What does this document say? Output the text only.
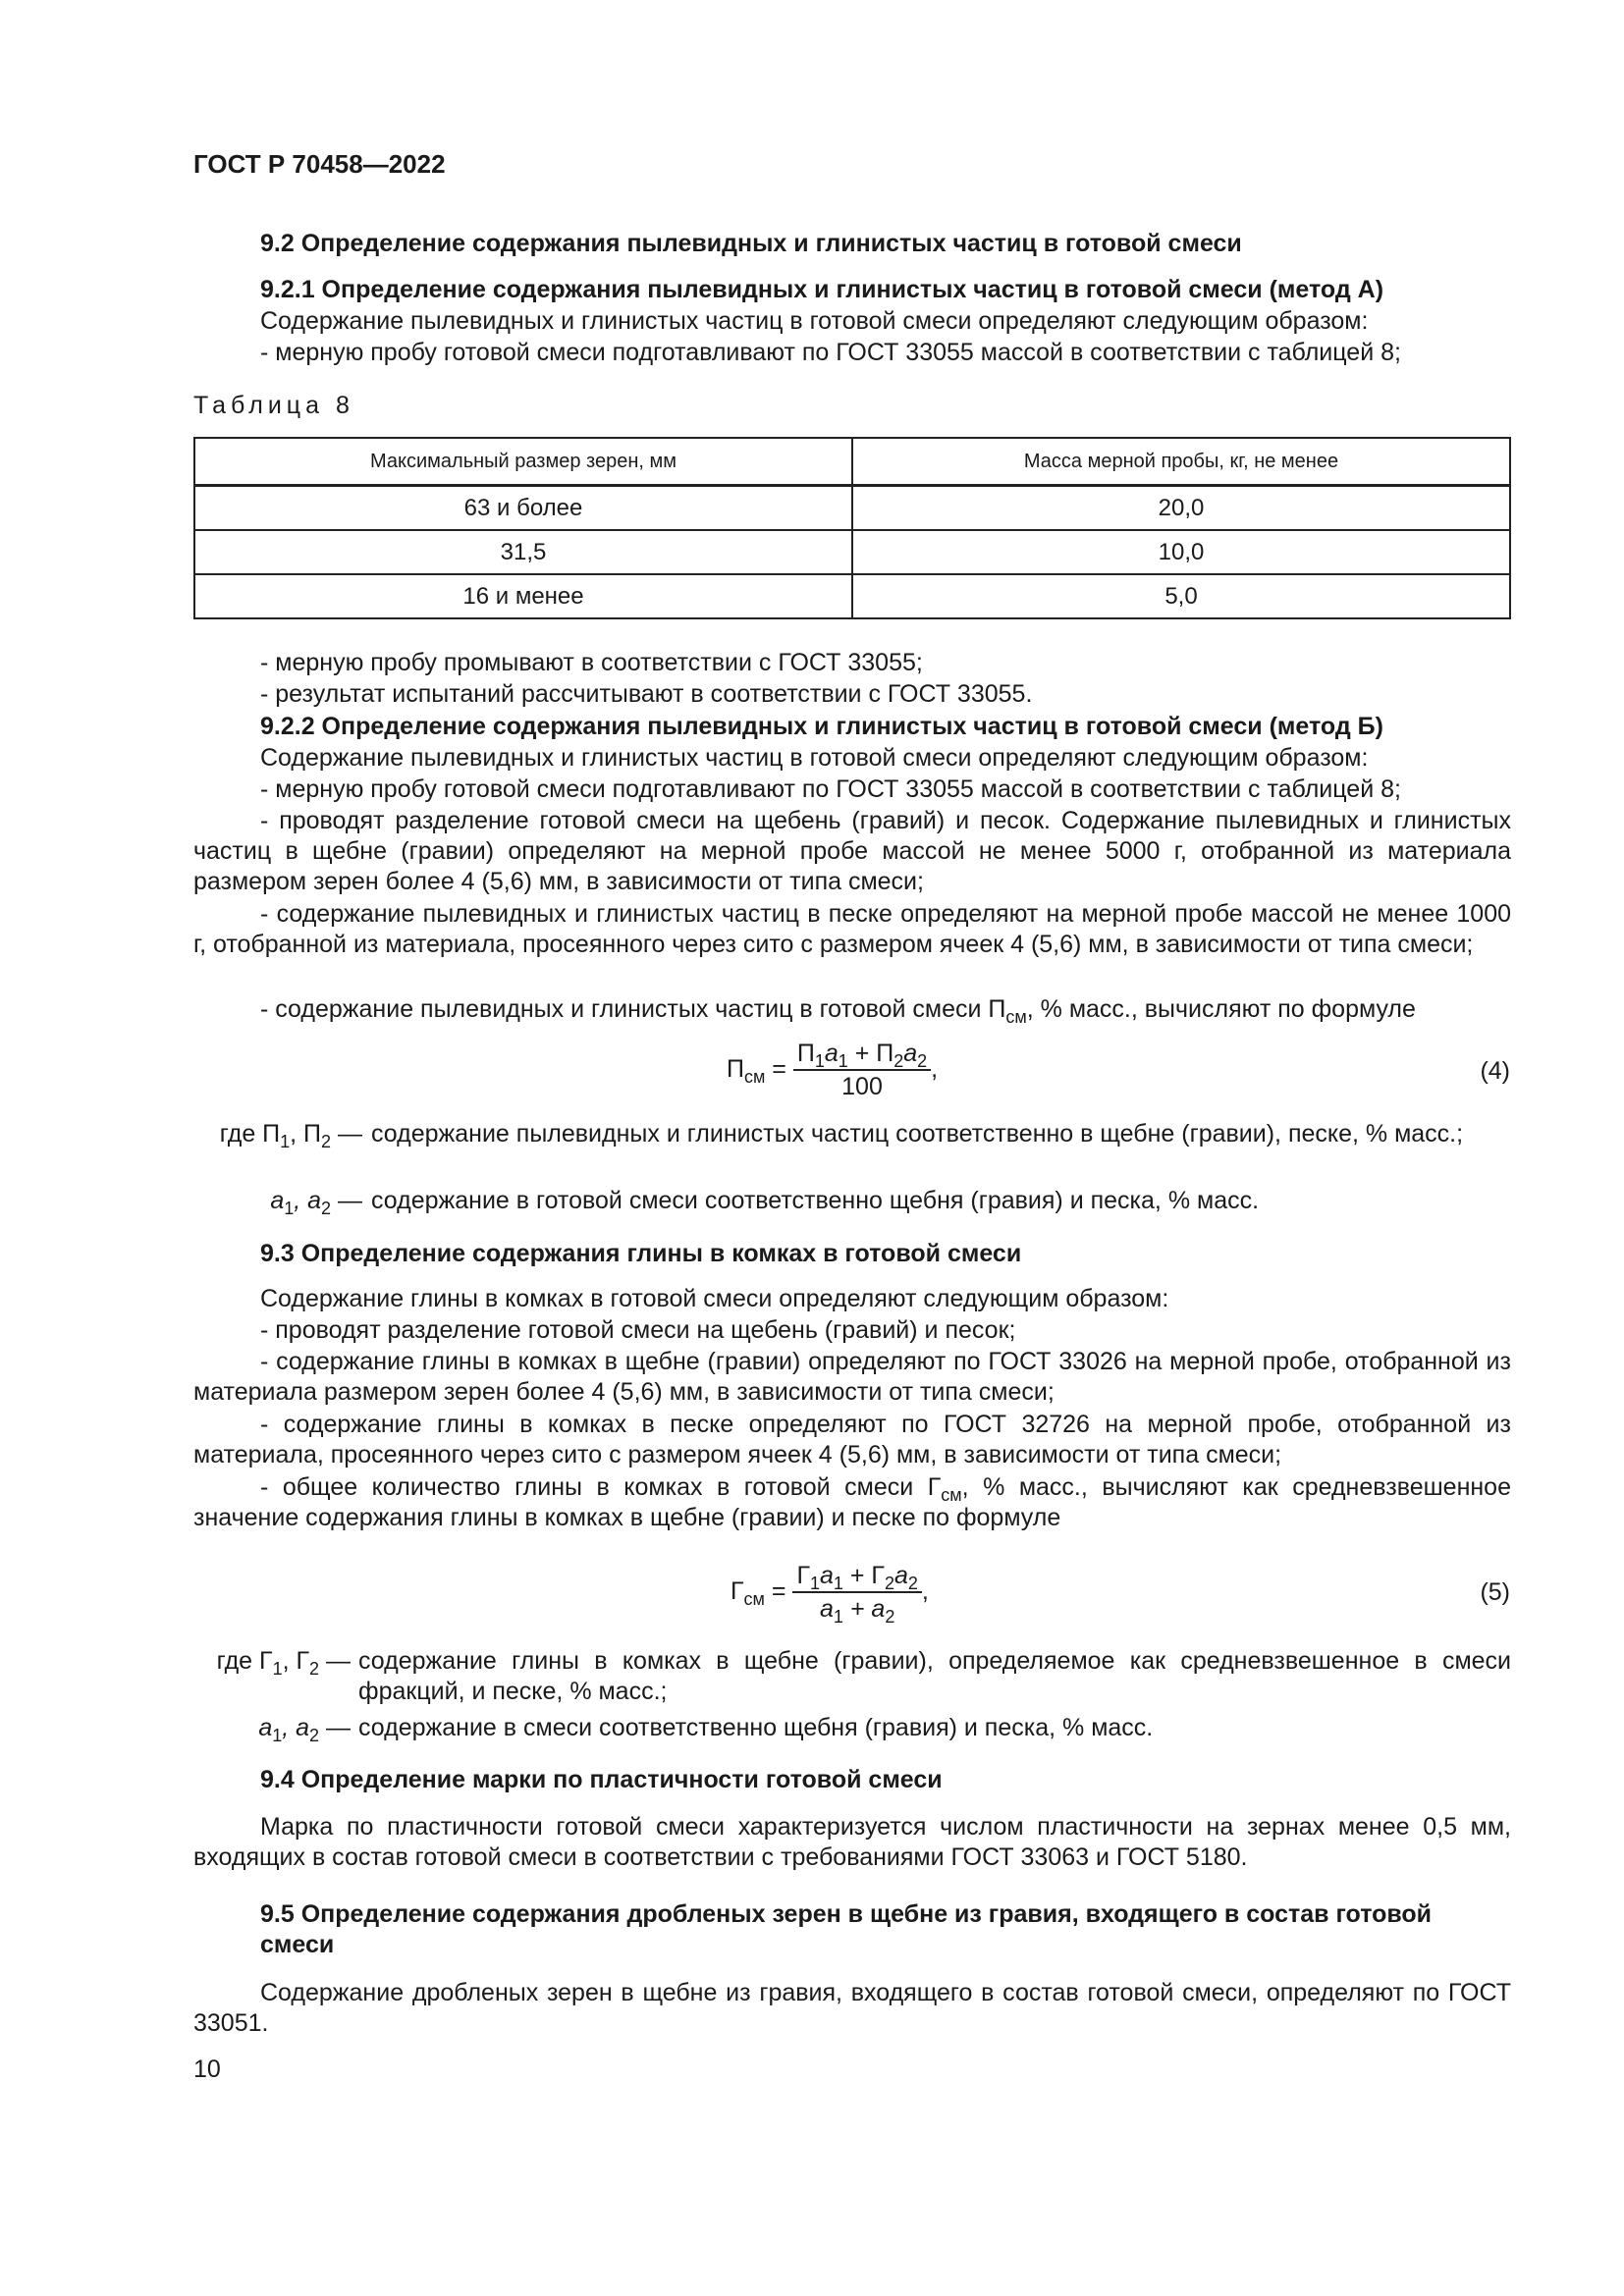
ГОСТ Р 70458—2022
9.2 Определение содержания пылевидных и глинистых частиц в готовой смеси
9.2.1 Определение содержания пылевидных и глинистых частиц в готовой смеси (метод А)
Содержание пылевидных и глинистых частиц в готовой смеси определяют следующим образом:
- мерную пробу готовой смеси подготавливают по ГОСТ 33055 массой в соответствии с таблицей 8;
Таблица 8
Максимальный размер зерен, мм	Масса мерной пробы, кг, не менее
63 и более	20,0
31,5	10,0
16 и менее	5,0
- мерную пробу промывают в соответствии с ГОСТ 33055;
- результат испытаний рассчитывают в соответствии с ГОСТ 33055.
9.2.2 Определение содержания пылевидных и глинистых частиц в готовой смеси (метод Б)
Содержание пылевидных и глинистых частиц в готовой смеси определяют следующим образом:
- мерную пробу готовой смеси подготавливают по ГОСТ 33055 массой в соответствии с таблицей 8;
- проводят разделение готовой смеси на щебень (гравий) и песок. Содержание пылевидных и глинистых частиц в щебне (гравии) определяют на мерной пробе массой не менее 5000 г, отобранной из материала размером зерен более 4 (5,6) мм, в зависимости от типа смеси;
- содержание пылевидных и глинистых частиц в песке определяют на мерной пробе массой не менее 1000 г, отобранной из материала, просеянного через сито с размером ячеек 4 (5,6) мм, в зависимости от типа смеси;
- содержание пылевидных и глинистых частиц в готовой смеси $П_{см}$, % масс., вычисляют по формуле
$П_{см} = \frac{П_1a_1 + П_2a_2}{100}$ ,	(4)
где $П_1$, $П_2$ — содержание пылевидных и глинистых частиц соответственно в щебне (гравии), песке, % масс.;
$a_1$, $a_2$ — содержание в готовой смеси соответственно щебня (гравия) и песка, % масс.
9.3 Определение содержания глины в комках в готовой смеси
Содержание глины в комках в готовой смеси определяют следующим образом:
- проводят разделение готовой смеси на щебень (гравий) и песок;
- содержание глины в комках в щебне (гравии) определяют по ГОСТ 33026 на мерной пробе, отобранной из материала размером зерен более 4 (5,6) мм, в зависимости от типа смеси;
- содержание глины в комках в песке определяют по ГОСТ 32726 на мерной пробе, отобранной из материала, просеянного через сито с размером ячеек 4 (5,6) мм, в зависимости от типа смеси;
- общее количество глины в комках в готовой смеси $Г_{см}$, % масс., вычисляют как средневзвешенное значение содержания глины в комках в щебне (гравии) и песке по формуле
$Г_{см} = \frac{Г_1a_1 + Г_2a_2}{a_1 + a_2}$ ,	(5)
где $Г_1$, $Г_2$ — содержание глины в комках в щебне (гравии), определяемое как средневзвешенное в смеси фракций, и песке, % масс.;
$a_1$, $a_2$ — содержание в смеси соответственно щебня (гравия) и песка, % масс.
9.4 Определение марки по пластичности готовой смеси
Марка по пластичности готовой смеси характеризуется числом пластичности на зернах менее 0,5 мм, входящих в состав готовой смеси в соответствии с требованиями ГОСТ 33063 и ГОСТ 5180.
9.5 Определение содержания дробленых зерен в щебне из гравия, входящего в состав готовой смеси
Содержание дробленых зерен в щебне из гравия, входящего в состав готовой смеси, определяют по ГОСТ 33051.
10
